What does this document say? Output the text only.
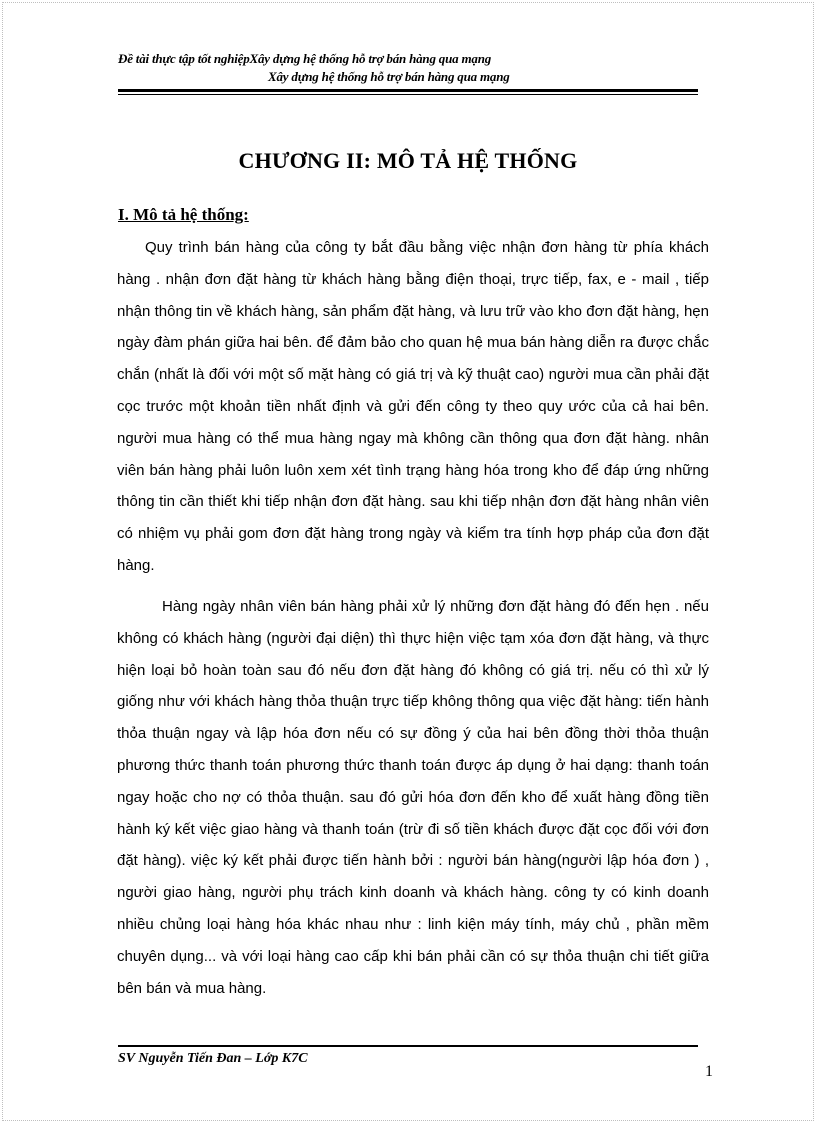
Đề tài thực tập tốt nghiệpXây dựng hệ thống hỗ trợ bán hàng qua mạng
Xây dựng hệ thống hỗ trợ bán hàng qua mạng
CHƯƠNG II: MÔ TẢ HỆ THỐNG
I. Mô tả hệ thống:

Quy trình bán hàng của công ty bắt đầu bằng việc nhận đơn hàng từ phía khách hàng . nhận đơn đặt hàng từ khách hàng bằng điện thoại, trực tiếp, fax, e - mail , tiếp nhận thông tin về khách hàng, sản phẩm đặt hàng, và lưu trữ vào kho đơn đặt hàng, hẹn ngày đàm phán giữa hai bên. để đảm bảo cho quan hệ mua bán hàng diễn ra được chắc chắn (nhất là đối với một số mặt hàng có giá trị và kỹ thuật cao) người mua cần phải đặt cọc trước một khoản tiền nhất định và gửi đến công ty theo quy ước của cả hai bên. người mua hàng có thể mua hàng ngay mà không cần thông qua đơn đặt hàng. nhân viên bán hàng phải luôn luôn xem xét tình trạng hàng hóa trong kho để đáp ứng những thông tin cần thiết khi tiếp nhận đơn đặt hàng. sau khi tiếp nhận đơn đặt hàng nhân viên có nhiệm vụ phải gom đơn đặt hàng trong ngày và kiểm tra tính hợp pháp của đơn đặt hàng.

Hàng ngày nhân viên bán hàng phải xử lý những đơn đặt hàng đó đến hẹn . nếu không có khách hàng (người đại diện) thì thực hiện việc tạm xóa đơn đặt hàng, và thực hiện loại bỏ hoàn toàn sau đó nếu đơn đặt hàng đó không có giá trị. nếu có thì xử lý giống như với khách hàng thỏa thuận trực tiếp không thông qua việc đặt hàng: tiến hành thỏa thuận ngay và lập hóa đơn nếu có sự đồng ý của hai bên đồng thời thỏa thuận phương thức thanh toán phương thức thanh toán được áp dụng ở hai dạng: thanh toán ngay hoặc cho nợ có thỏa thuận. sau đó gửi hóa đơn đến kho để xuất hàng đồng tiền hành ký kết việc giao hàng và thanh toán (trừ đi số tiền khách được đặt cọc đối với đơn đặt hàng). việc ký kết phải được tiến hành bởi : người bán hàng(người lập hóa đơn ) , người giao hàng, người phụ trách kinh doanh và khách hàng. công ty có kinh doanh nhiều chủng loại hàng hóa khác nhau như : linh kiện máy tính, máy chủ , phần mềm chuyên dụng... và với loại hàng cao cấp khi bán phải cần có sự thỏa thuận chi tiết giữa bên bán và mua hàng.

SV Nguyễn Tiến Đan – Lớp K7C
1
